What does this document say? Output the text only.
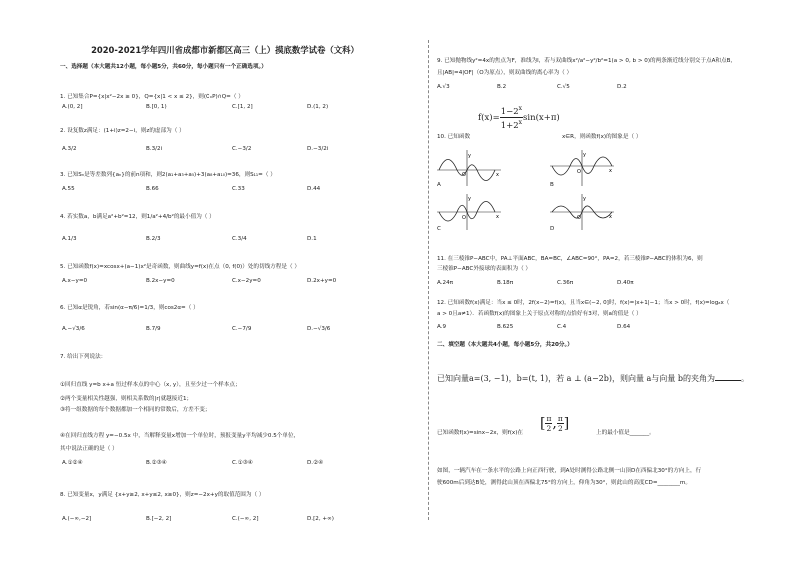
2020-2021学年四川省成都市新都区高三（上）摸底数学试卷（文科）
一、选择题（本大题共12小题，每小题5分，共60分，每小题只有一个正确选项。）
1. 已知集合P={x|x²−2x ≥ 0}，Q={x|1 < x ≤ 2}，则(∁ₓP)∩Q=（ ）
A.(0, 2]	B.[0, 1)	C.[1, 2]	D.(1, 2)
2. 设复数z满足：(1+i)z=2−i，则z的虚部为（ ）
A.3/2	B.3/2i	C.−3/2	D.−3/2i
3. 已知Sₙ是等差数列{aₙ}的前n项和，则2(a₁+a₃+a₅)+3(a₈+a₁₀)=36，则S₁₁=（ ）
A.55	B.66	C.33	D.44
4. 若实数a，b满足a²+b²=12，则1/a²+4/b²的最小值为（ ）
A.1/3	B.2/3	C.3/4	D.1
5. 已知函数f(x)=xcosx+(a−1)x²是奇函数，则曲线y=f(x)在点（0, f(0)）处的切线方程是（ ）
A.x−y=0	B.2x−y=0	C.x−2y=0	D.2x+y=0
6. 已知α是锐角，若sin(α−π/6)=1/3，则cos2α=（ ）
A.−√3/6	B.7/9	C.−7/9	D.−√3/6
7. 给出下列说法：
①回归直线 y=b x+a 恒过样本点的中心（x, y），且至少过一个样本点；
②两个变量相关性越强，则相关系数的|r|就越接近1；
③将一组数据的每个数据都加一个相同的常数后，方差不变；
④在回归直线方程 y=−0.5x 中，当解释变量x增加一个单位时，预报变量y平均减少0.5个单位，
其中说法正确的是（ ）
A.①②④	B.②③④	C.①③④	D.②④
8. 已知变量x，y满足 {x+y≥2, x+y≤2, x≥0}，则z=−2x+y的取值范围为（ ）
A.(−∞,−2]	B.[−2, 2]	C.(−∞, 2]	D.[2, +∞)
9. 已知抛物线y²=4x的焦点为F，准线为l，若与双曲线x²/a²−y²/b²=1(a > 0, b > 0)的两条渐近线分别交于点A和点B，
且|AB|=4|OF|（O为原点），则双曲线的离心率为（ ）
A.√3	B.2	C.√5	D.2
$f(x)= \frac{1-2^x}{1+2^x} \sin(x+\pi)$
10. 已知函数	x∈R，则函数f(x)的图象是（ ）
y
x
O
A
y
x
O
B
y
x
O
C
y
x
O
D
11. 在三棱锥P−ABC中，PA⊥平面ABC，BA=BC，∠ABC=90°，PA=2，若三棱锥P−ABC的体积为6，则
三棱锥P−ABC外接球的表面积为（ ）
A.24π	B.18π	C.36π	D.40π
12. 已知函数f(x)满足：当x ≤ 0时，2f(x−2)=f(x)，且当x∈(−2, 0]时，f(x)=|x+1|−1；当x > 0时，f(x)=logₐx（
a > 0且a≠1）．若函数f(x)的图象上关于原点对称的点恰好有3对，则a的值是（ ）
A.9	B.625	C.4	D.64
二、填空题（本大题共4小题，每小题5分，共20分。）
已知向量a=(3, −1)，b=(t, 1)，若 a ⊥ (a−2b)，则向量 a与向量 b的夹角为	。
已知函数f(x)=sinx−2x，则f(x)在
[ $\frac{\pi}{2}$ , $\frac{\pi}{2}$ ]
上的最小值是_______。
如图，一辆汽车在一条水平的公路上向正西行驶，到A处时测得公路北侧一山顶D在西偏北30°的方向上，行
驶600m后到达B处，测得此山顶在西偏北75°的方向上，仰角为30°，则此山的高度CD=________m。
